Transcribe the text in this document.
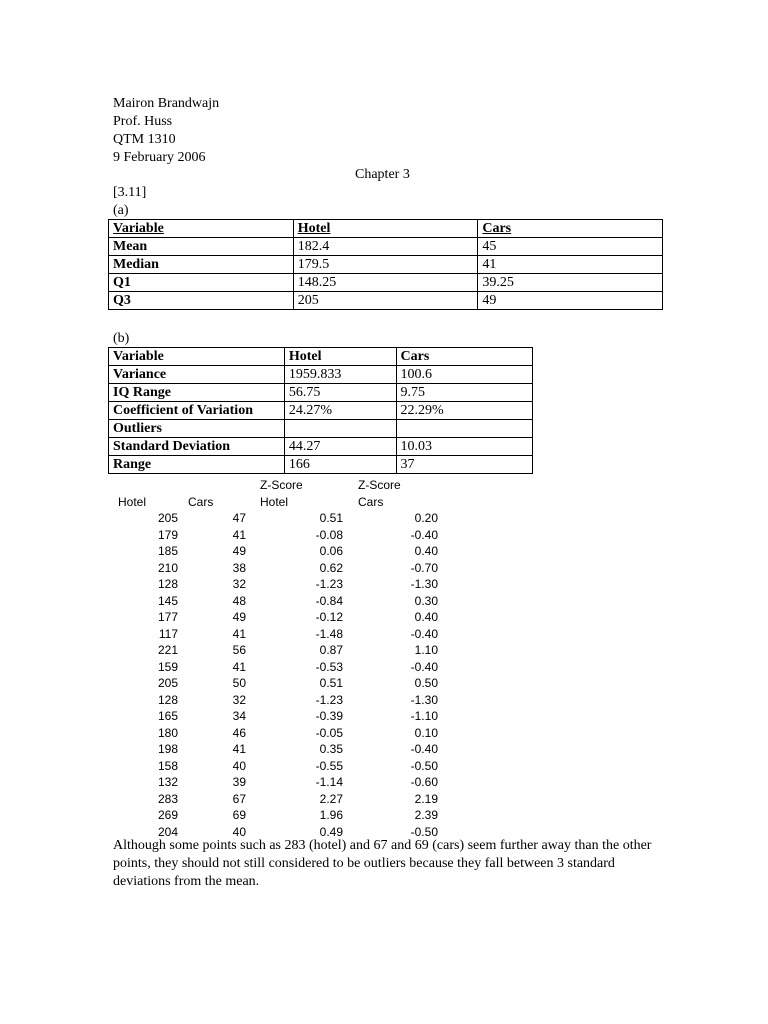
Mairon Brandwajn
Prof. Huss
QTM 1310
9 February 2006
Chapter 3
[3.11]
(a)
Variable	Hotel	Cars
Mean	182.4	45
Median	179.5	41
Q1	148.25	39.25
Q3	205	49
(b)
Variable	Hotel	Cars
Variance	1959.833	100.6
IQ Range	56.75	9.75
Coefficient of Variation	24.27%	22.29%
Outliers		
Standard Deviation	44.27	10.03
Range	166	37
		Z-Score	Z-Score
Hotel	Cars	Hotel	Cars
205	47	0.51	0.20
179	41	-0.08	-0.40
185	49	0.06	0.40
210	38	0.62	-0.70
128	32	-1.23	-1.30
145	48	-0.84	0.30
177	49	-0.12	0.40
117	41	-1.48	-0.40
221	56	0.87	1.10
159	41	-0.53	-0.40
205	50	0.51	0.50
128	32	-1.23	-1.30
165	34	-0.39	-1.10
180	46	-0.05	0.10
198	41	0.35	-0.40
158	40	-0.55	-0.50
132	39	-1.14	-0.60
283	67	2.27	2.19
269	69	1.96	2.39
204	40	0.49	-0.50
Although some points such as 283 (hotel) and 67 and 69 (cars) seem further away than the other points, they should not still considered to be outliers because they fall between 3 standard deviations from the mean.
